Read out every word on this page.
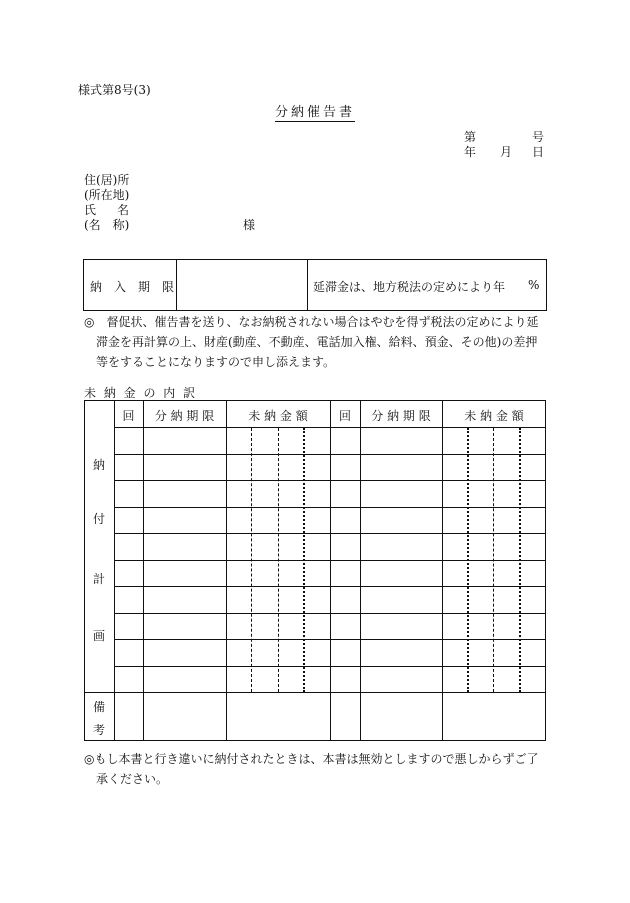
様式第8号(3)
分納催告書
第	号
年 月 日
住(居)所
(所在地)
氏 名
(名　称)	様
納　入　期　限	延滞金は、地方税法の定めにより年 %
◎　督促状、催告書を送り、なお納税されない場合はやむを得ず税法の定めにより延滞金を再計算の上、財産(動産、不動産、電話加入権、給料、預金、その他)の差押等をすることになりますので申し添えます。
未 納 金 の 内 訳
回	分 納 期 限	未 納 金 額	回	分 納 期 限	未 納 金 額
納
付
計
画
備
考
◎もし本書と行き違いに納付されたときは、本書は無効としますので悪しからずご了承ください。
